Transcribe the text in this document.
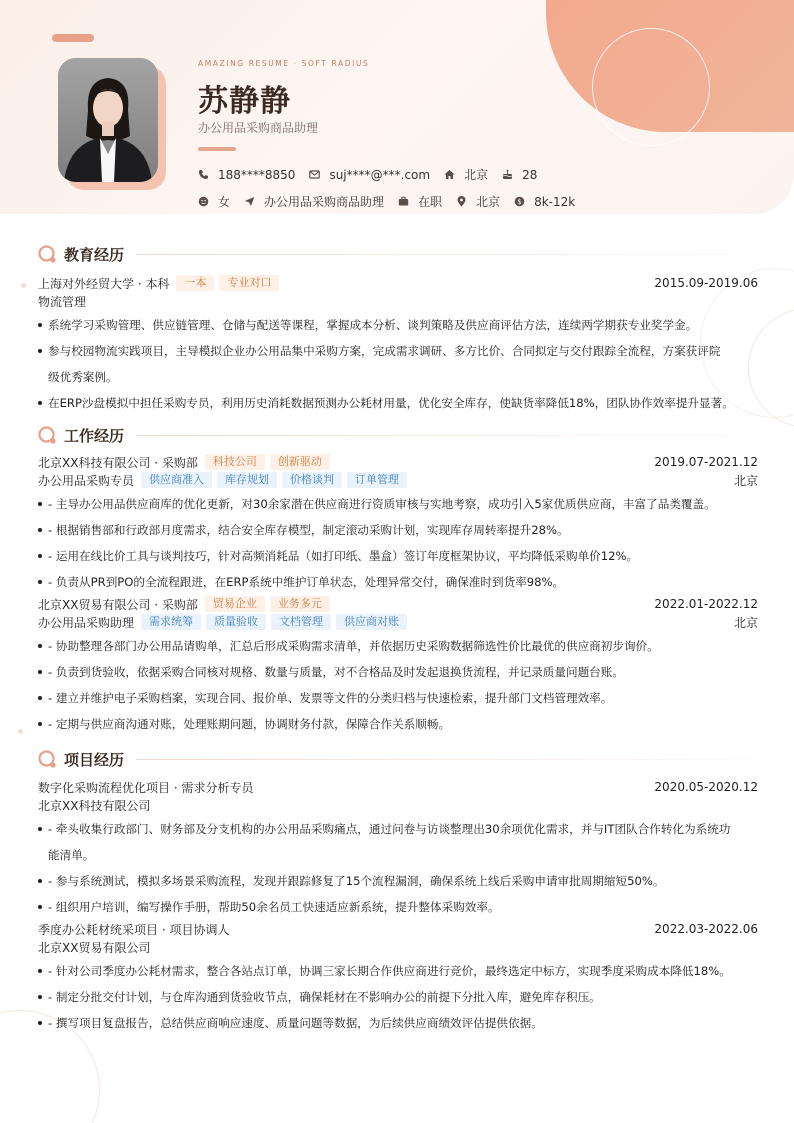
AMAZING RESUME · SOFT RADIUS
苏静静
办公用品采购商品助理
188****8850	suj****@***.com	北京	28
女	办公用品采购商品助理	在职	北京 $ 8k-12k
教育经历
上海对外经贸大学 · 本科	一本	专业对口	2015.09-2019.06
物流管理
系统学习采购管理、供应链管理、仓储与配送等课程，掌握成本分析、谈判策略及供应商评估方法，连续两学期获专业奖学金。
参与校园物流实践项目，主导模拟企业办公用品集中采购方案，完成需求调研、多方比价、合同拟定与交付跟踪全流程，方案获评院
级优秀案例。
在ERP沙盘模拟中担任采购专员，利用历史消耗数据预测办公耗材用量，优化安全库存，使缺货率降低18%，团队协作效率提升显著。
工作经历
北京XX科技有限公司 · 采购部	科技公司	创新驱动	2019.07-2021.12
办公用品采购专员	供应商准入	库存规划	价格谈判	订单管理	北京
- 主导办公用品供应商库的优化更新，对30余家潜在供应商进行资质审核与实地考察，成功引入5家优质供应商，丰富了品类覆盖。
- 根据销售部和行政部月度需求，结合安全库存模型，制定滚动采购计划，实现库存周转率提升28%。
- 运用在线比价工具与谈判技巧，针对高频消耗品（如打印纸、墨盒）签订年度框架协议，平均降低采购单价12%。
- 负责从PR到PO的全流程跟进，在ERP系统中维护订单状态，处理异常交付，确保准时到货率98%。
北京XX贸易有限公司 · 采购部	贸易企业	业务多元	2022.01-2022.12
办公用品采购助理	需求统筹	质量验收	文档管理	供应商对账	北京
- 协助整理各部门办公用品请购单，汇总后形成采购需求清单，并依据历史采购数据筛选性价比最优的供应商初步询价。
- 负责到货验收，依据采购合同核对规格、数量与质量，对不合格品及时发起退换货流程，并记录质量问题台账。
- 建立并维护电子采购档案，实现合同、报价单、发票等文件的分类归档与快速检索，提升部门文档管理效率。
- 定期与供应商沟通对账，处理账期问题，协调财务付款，保障合作关系顺畅。
项目经历
数字化采购流程优化项目 · 需求分析专员	2020.05-2020.12
北京XX科技有限公司
- 牵头收集行政部门、财务部及分支机构的办公用品采购痛点，通过问卷与访谈整理出30余项优化需求，并与IT团队合作转化为系统功
能清单。
- 参与系统测试，模拟多场景采购流程，发现并跟踪修复了15个流程漏洞，确保系统上线后采购申请审批周期缩短50%。
- 组织用户培训，编写操作手册，帮助50余名员工快速适应新系统，提升整体采购效率。
季度办公耗材统采项目 · 项目协调人	2022.03-2022.06
北京XX贸易有限公司
- 针对公司季度办公耗材需求，整合各站点订单，协调三家长期合作供应商进行竞价，最终选定中标方，实现季度采购成本降低18%。
- 制定分批交付计划，与仓库沟通到货验收节点，确保耗材在不影响办公的前提下分批入库，避免库存积压。
- 撰写项目复盘报告，总结供应商响应速度、质量问题等数据，为后续供应商绩效评估提供依据。
